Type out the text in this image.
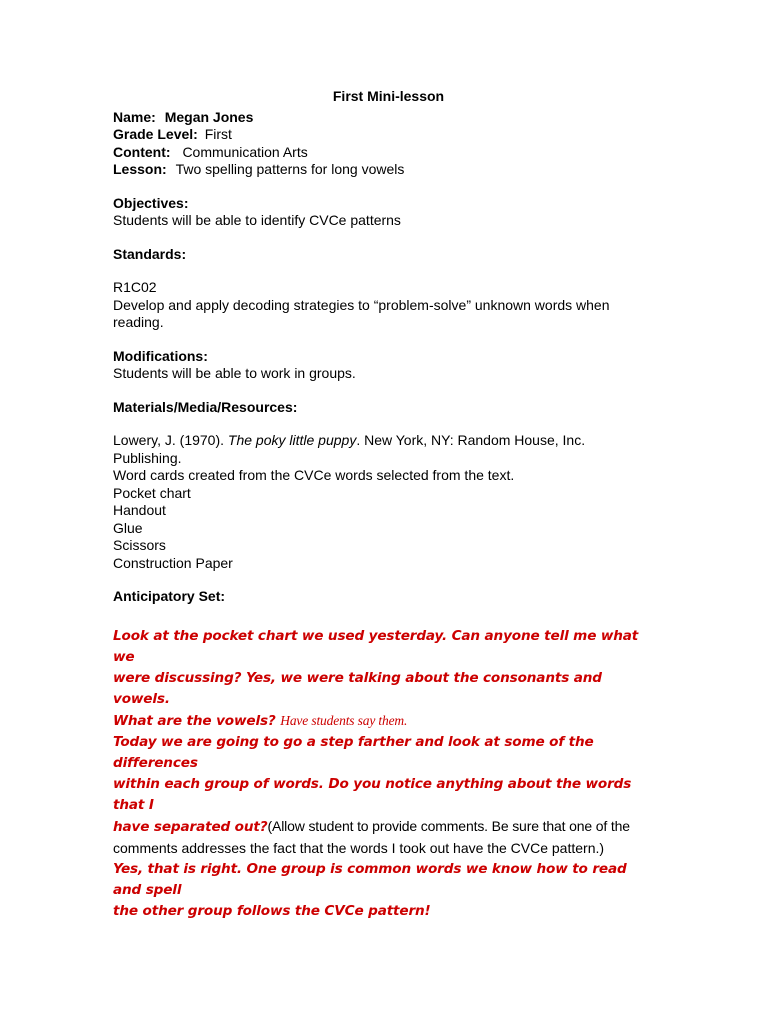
First Mini-lesson

Name: Megan Jones

Grade Level: First

Content: Communication Arts

Lesson: Two spelling patterns for long vowels

Objectives:

Students will be able to identify CVCe patterns

Standards:

R1C02

Develop and apply decoding strategies to “problem-solve” unknown words when

reading.

Modifications:

Students will be able to work in groups.

Materials/Media/Resources:

Lowery, J. (1970). The poky little puppy. New York, NY: Random House, Inc.

Publishing.

Word cards created from the CVCe words selected from the text.

Pocket chart

Handout

Glue

Scissors

Construction Paper

Anticipatory Set:

Look at the pocket chart we used yesterday. Can anyone tell me what we
were discussing? Yes, we were talking about the consonants and vowels.
What are the vowels? Have students say them.
Today we are going to go a step farther and look at some of the differences
within each group of words. Do you notice anything about the words that I
have separated out?(Allow student to provide comments. Be sure that one of the
comments addresses the fact that the words I took out have the CVCe pattern.)
Yes, that is right. One group is common words we know how to read and spell
the other group follows the CVCe pattern!
